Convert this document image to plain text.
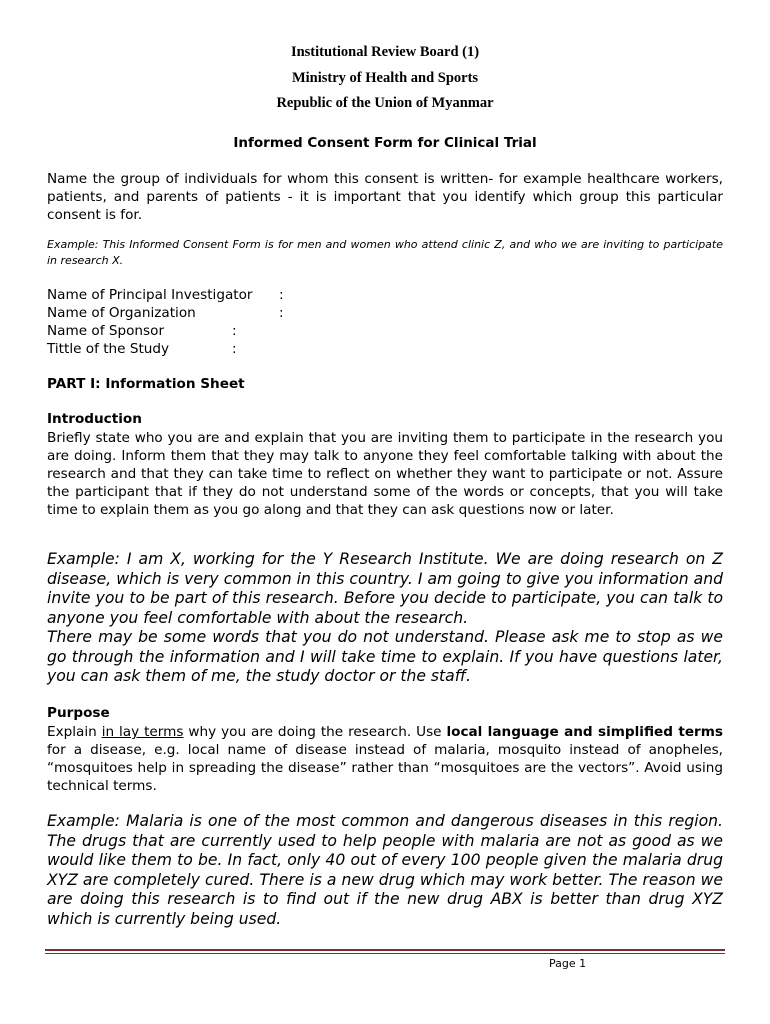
Institutional Review Board (1)
Ministry of Health and Sports
Republic of the Union of Myanmar
Informed Consent Form for Clinical Trial
Name the group of individuals for whom this consent is written- for example healthcare workers, patients, and parents of patients - it is important that you identify which group this particular consent is for.
Example: This Informed Consent Form is for men and women who attend clinic Z, and who we are inviting to participate in research X.
Name of Principal Investigator :
Name of Organization	:
Name of Sponsor	:
Tittle of the Study	:
PART I: Information Sheet
Introduction
Briefly state who you are and explain that you are inviting them to participate in the research you are doing. Inform them that they may talk to anyone they feel comfortable talking with about the research and that they can take time to reflect on whether they want to participate or not. Assure the participant that if they do not understand some of the words or concepts, that you will take time to explain them as you go along and that they can ask questions now or later.
Example: I am X, working for the Y Research Institute. We are doing research on Z disease, which is very common in this country. I am going to give you information and invite you to be part of this research. Before you decide to participate, you can talk to anyone you feel comfortable with about the research.
There may be some words that you do not understand. Please ask me to stop as we go through the information and I will take time to explain. If you have questions later, you can ask them of me, the study doctor or the staff.
Purpose
Explain in lay terms why you are doing the research. Use local language and simplified terms for a disease, e.g. local name of disease instead of malaria, mosquito instead of anopheles, “mosquitoes help in spreading the disease” rather than “mosquitoes are the vectors”. Avoid using technical terms.
Example: Malaria is one of the most common and dangerous diseases in this region. The drugs that are currently used to help people with malaria are not as good as we would like them to be. In fact, only 40 out of every 100 people given the malaria drug XYZ are completely cured. There is a new drug which may work better. The reason we are doing this research is to find out if the new drug ABX is better than drug XYZ which is currently being used.
Page 1
